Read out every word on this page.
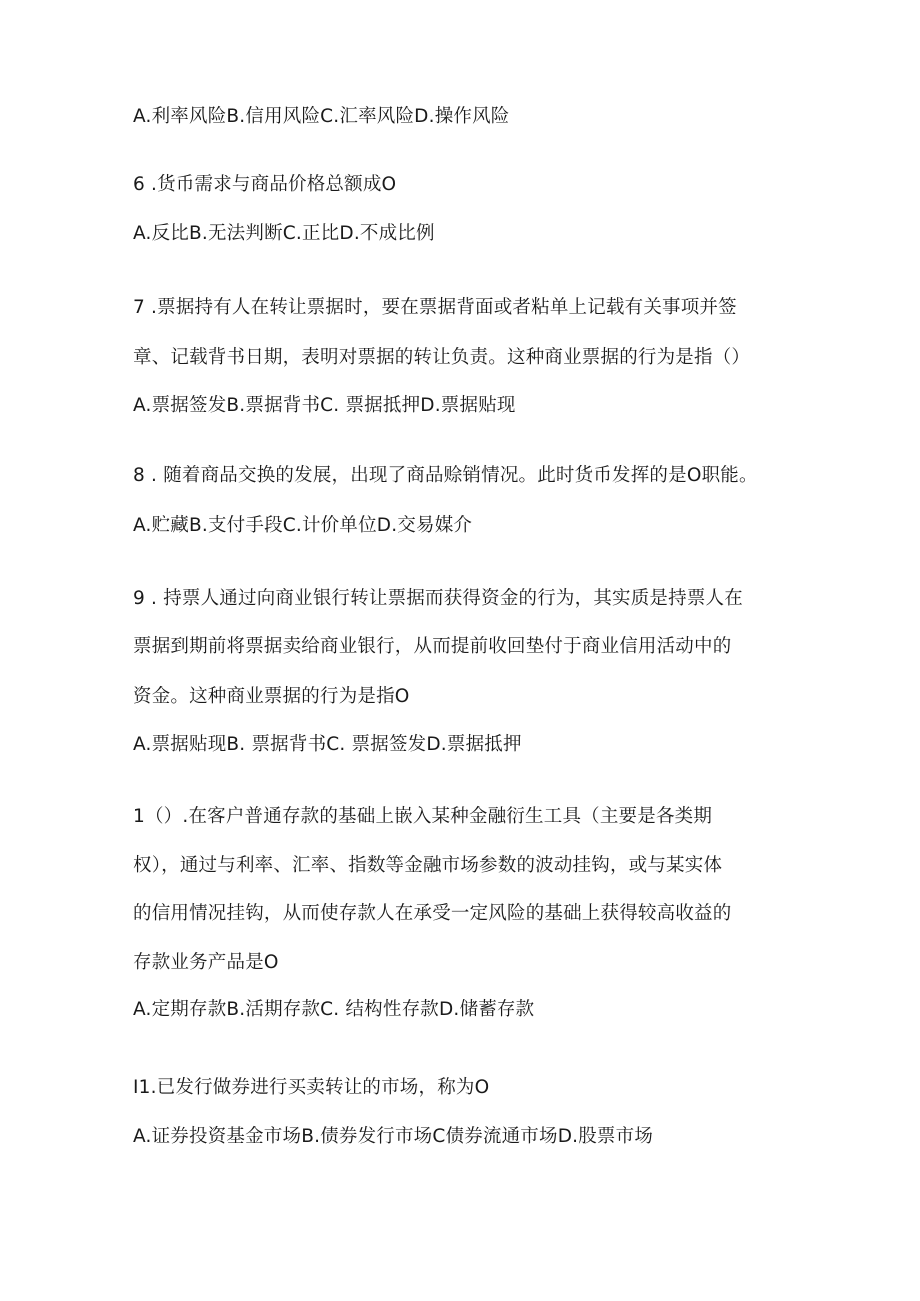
A.利率风险B.信用风险C.汇率风险D.操作风险
6 .货币需求与商品价格总额成O
A.反比B.无法判断C.正比D.不成比例
7 .票据持有人在转让票据时，要在票据背面或者粘单上记载有关事项并签
章、记载背书日期，表明对票据的转让负责。这种商业票据的行为是指（）
A.票据签发B.票据背书C. 票据抵押D.票据贴现
8 . 随着商品交换的发展，出现了商品赊销情况。此时货币发挥的是O职能。
A.贮藏B.支付手段C.计价单位D.交易媒介
9 . 持票人通过向商业银行转让票据而获得资金的行为，其实质是持票人在
票据到期前将票据卖给商业银行，从而提前收回垫付于商业信用活动中的
资金。这种商业票据的行为是指O
A.票据贴现B. 票据背书C. 票据签发D.票据抵押
1（）.在客户普通存款的基础上嵌入某种金融衍生工具（主要是各类期
权），通过与利率、汇率、指数等金融市场参数的波动挂钩，或与某实体
的信用情况挂钩，从而使存款人在承受一定风险的基础上获得较高收益的
存款业务产品是O
A.定期存款B.活期存款C. 结构性存款D.储蓄存款
I1.已发行做券进行买卖转让的市场，称为O
A.证券投资基金市场B.债券发行市场C债券流通市场D.股票市场
